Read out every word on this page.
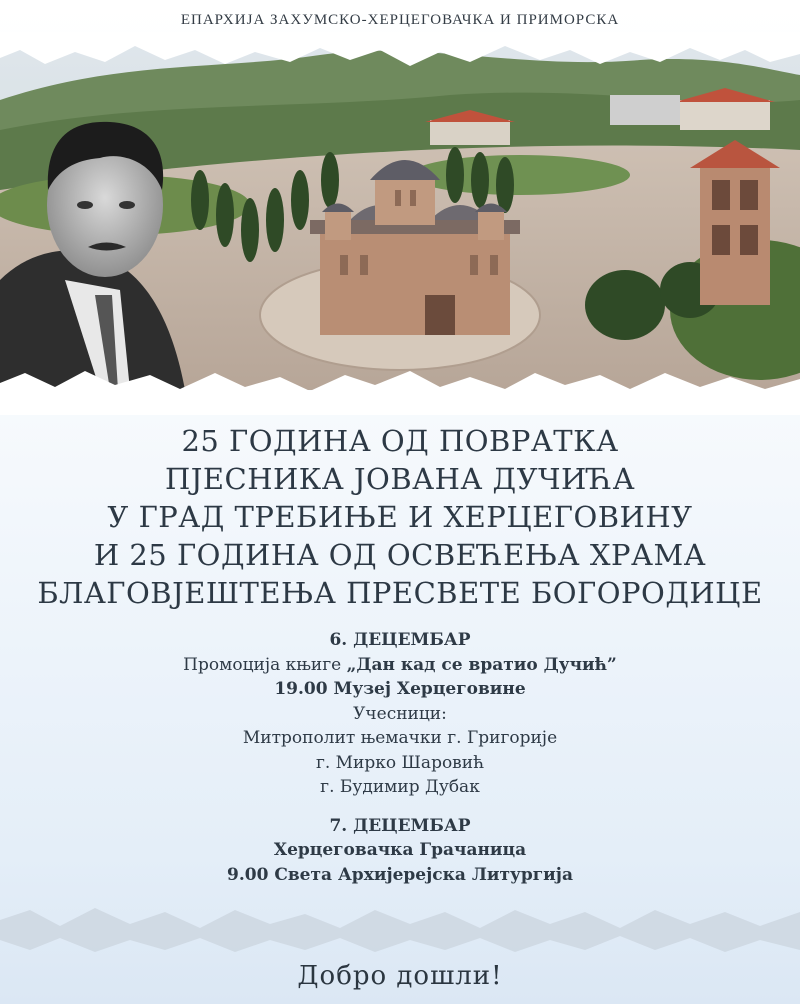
ЕПАРХИЈА ЗАХУМСКО-ХЕРЦЕГОВАЧКА И ПРИМОРСКА
25 ГОДИНА ОД ПОВРАТКА
ПЈЕСНИКА ЈОВАНА ДУЧИЋА
У ГРАД ТРЕБИЊЕ И ХЕРЦЕГОВИНУ
И 25 ГОДИНА ОД ОСВЕЋЕЊА ХРАМА
БЛАГОВЈЕШТЕЊА ПРЕСВЕТЕ БОГОРОДИЦЕ
6. ДЕЦЕМБАР
Промоција књиге „Дан кад се вратио Дучић”
19.00 Музеј Херцеговине
Учесници:
Митрополит њемачки г. Григорије
г. Мирко Шаровић
г. Будимир Дубак
7. ДЕЦЕМБАР
Херцеговачка Грачаница
9.00 Света Архијерејска Литургија
Добро дошли!
